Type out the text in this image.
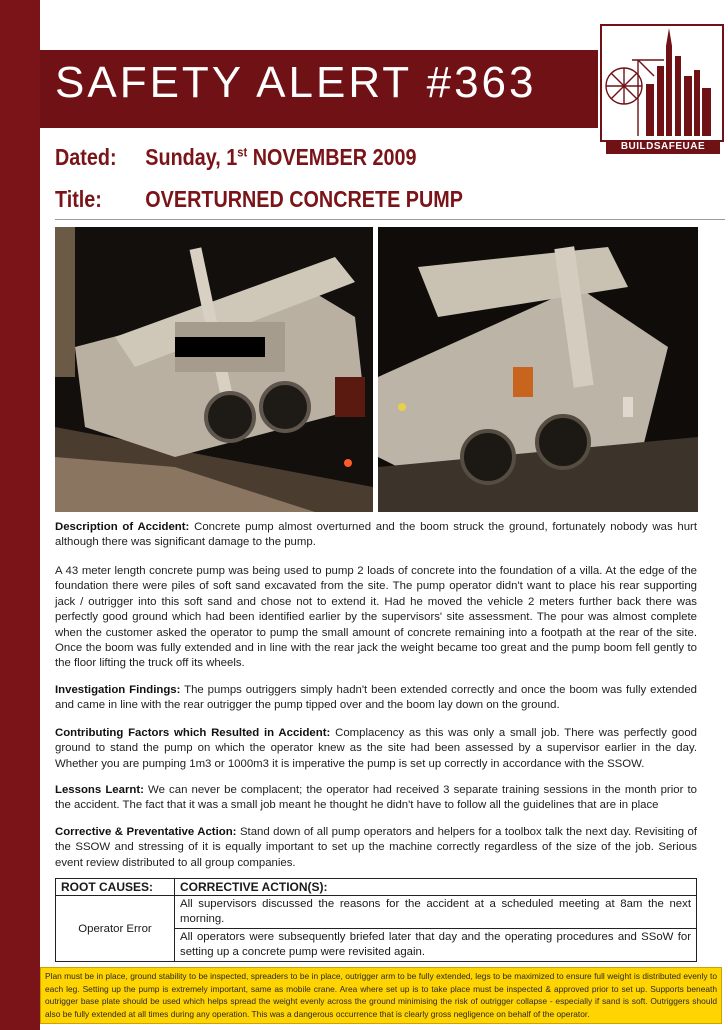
SAFETY ALERT #363
BUILDSAFEUAE
Dated: Sunday, 1st NOVEMBER 2009
Title: OVERTURNED CONCRETE PUMP
Description of Accident: Concrete pump almost overturned and the boom struck the ground, fortunately nobody was hurt although there was significant damage to the pump.
A 43 meter length concrete pump was being used to pump 2 loads of concrete into the foundation of a villa. At the edge of the foundation there were piles of soft sand excavated from the site. The pump operator didn't want to place his rear supporting jack / outrigger into this soft sand and chose not to extend it. Had he moved the vehicle 2 meters further back there was perfectly good ground which had been identified earlier by the supervisors' site assessment. The pour was almost complete when the customer asked the operator to pump the small amount of concrete remaining into a footpath at the rear of the site. Once the boom was fully extended and in line with the rear jack the weight became too great and the pump boom fell gently to the floor lifting the truck off its wheels.
Investigation Findings: The pumps outriggers simply hadn't been extended correctly and once the boom was fully extended and came in line with the rear outrigger the pump tipped over and the boom lay down on the ground.
Contributing Factors which Resulted in Accident: Complacency as this was only a small job. There was perfectly good ground to stand the pump on which the operator knew as the site had been assessed by a supervisor earlier in the day. Whether you are pumping 1m3 or 1000m3 it is imperative the pump is set up correctly in accordance with the SSOW.
Lessons Learnt: We can never be complacent; the operator had received 3 separate training sessions in the month prior to the accident. The fact that it was a small job meant he thought he didn't have to follow all the guidelines that are in place
Corrective & Preventative Action: Stand down of all pump operators and helpers for a toolbox talk the next day. Revisiting of the SSOW and stressing of it is equally important to set up the machine correctly regardless of the size of the job. Serious event review distributed to all group companies.
ROOT CAUSES:	CORRECTIVE ACTION(S):
Operator Error	All supervisors discussed the reasons for the accident at a scheduled meeting at 8am the next morning.
	All operators were subsequently briefed later that day and the operating procedures and SSoW for setting up a concrete pump were revisited again.
Plan must be in place, ground stability to be inspected, spreaders to be in place, outrigger arm to be fully extended, legs to be maximized to ensure full weight is distributed evenly to each leg. Setting up the pump is extremely important, same as mobile crane. Area where set up is to take place must be inspected & approved prior to set up. Supports beneath outrigger base plate should be used which helps spread the weight evenly across the ground minimising the risk of outrigger collapse - especially if sand is soft. Outriggers should also be fully extended at all times during any operation. This was a dangerous occurrence that is clearly gross negligence on behalf of the operator.
